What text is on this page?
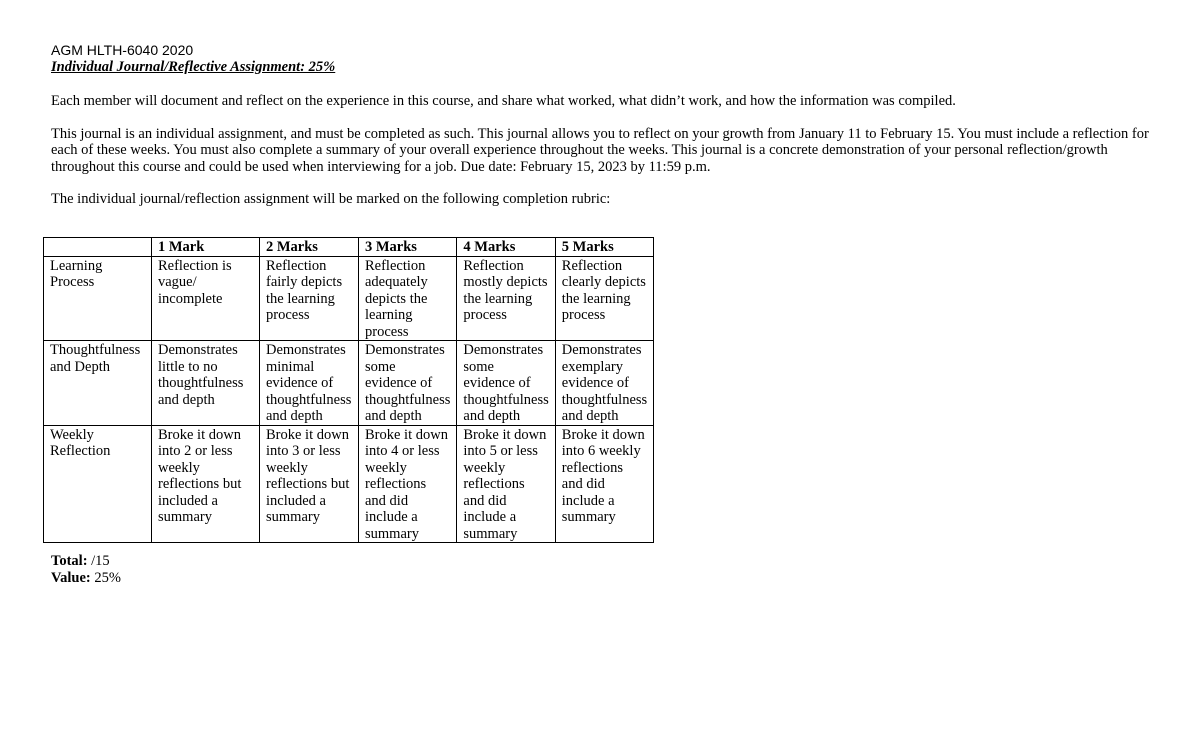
AGM HLTH-6040 2020

Individual Journal/Reflective Assignment: 25%

Each member will document and reflect on the experience in this course, and share what worked, what didn’t work, and how the information was compiled.

This journal is an individual assignment, and must be completed as such. This journal allows you to reflect on your growth from January 11 to February 15. You must include a reflection for each of these weeks. You must also complete a summary of your overall experience throughout the weeks. This journal is a concrete demonstration of your personal reflection/growth throughout this course and could be used when interviewing for a job. Due date: February 15, 2023 by 11:59 p.m.

The individual journal/reflection assignment will be marked on the following completion rubric:

	1 Mark	2 Marks	3 Marks	4 Marks	5 Marks
Learning Process	Reflection is vague/ incomplete	Reflection fairly depicts the learning process	Reflection adequately depicts the learning process	Reflection mostly depicts the learning process	Reflection clearly depicts the learning process
Thoughtfulness and Depth	Demonstrates little to no thoughtfulness and depth	Demonstrates minimal evidence of thoughtfulness and depth	Demonstrates some evidence of thoughtfulness and depth	Demonstrates some evidence of thoughtfulness and depth	Demonstrates exemplary evidence of thoughtfulness and depth
Weekly Reflection	Broke it down into 2 or less weekly reflections but included a summary	Broke it down into 3 or less weekly reflections but included a summary	Broke it down into 4 or less weekly reflections and did include a summary	Broke it down into 5 or less weekly reflections and did include a summary	Broke it down into 6 weekly reflections and did include a summary
Total: /15
Value: 25%
